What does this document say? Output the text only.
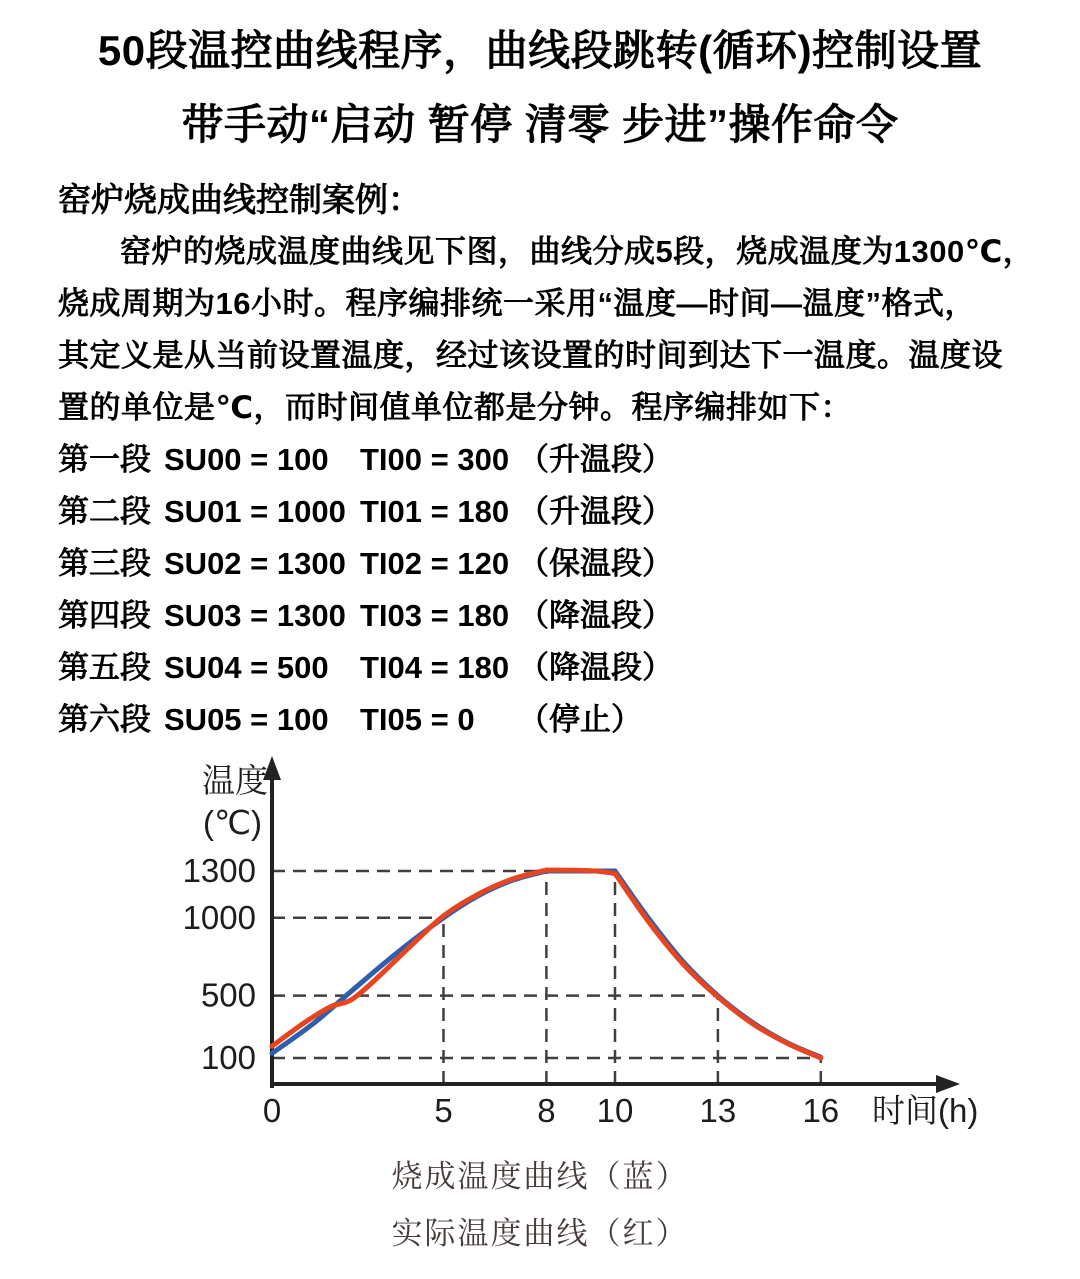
50段温控曲线程序，曲线段跳转(循环)控制设置
带手动“启动 暂停 清零 步进”操作命令
窑炉烧成曲线控制案例：
窑炉的烧成温度曲线见下图，曲线分成5段，烧成温度为1300℃，
烧成周期为16小时。程序编排统一采用“温度—时间—温度”格式，
其定义是从当前设置温度，经过该设置的时间到达下一温度。温度设
置的单位是℃，而时间值单位都是分钟。程序编排如下：
第一段 SU00 = 100	TI00 = 300 （升温段）
第二段 SU01 = 1000 TI01 = 180 （升温段）
第三段 SU02 = 1300 TI02 = 120 （保温段）
第四段 SU03 = 1300 TI03 = 180 （降温段）
第五段 SU04 = 500	TI04 = 180 （降温段）
第六段 SU05 = 100	TI05 = 0	（停止）
1300
1000
500
100
0	5	8 10 13 16
温度
(℃)
时间(h)
烧成温度曲线（蓝）
实际温度曲线（红）
